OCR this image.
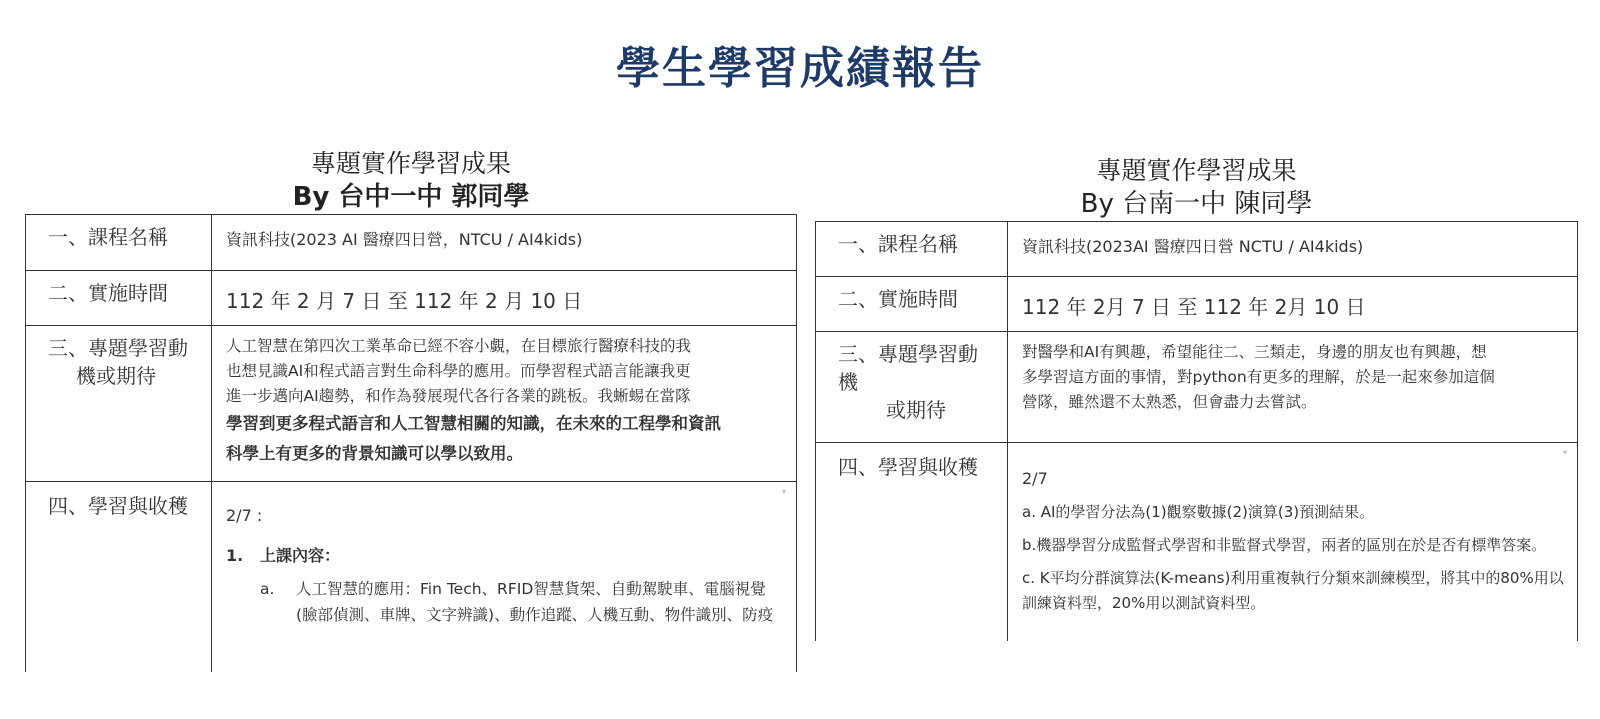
學生學習成績報告
專題實作學習成果
By 台中一中 郭同學
一、課程名稱	資訊科技(2023 AI 醫療四日營，NTCU / AI4kids)
二、實施時間	112 年 2 月 7 日 至 112 年 2 月 10 日
三、專題學習動
機或期待
人工智慧在第四次工業革命已經不容小覷，在目標旅行醫療科技的我
也想見識AI和程式語言對生命科學的應用。而學習程式語言能讓我更
進一步邁向AI趨勢，和作為發展現代各行各業的跳板。我蜥蜴在當隊
學習到更多程式語言和人工智慧相關的知識，在未來的工程學和資訊
科學上有更多的背景知識可以學以致用。
四、學習與收穫
▾
2/7 :
1. 上課內容：
a.	人工智慧的應用：Fin Tech、RFID智慧貨架、自動駕駛車、電腦視覺(臉部偵測、車牌、文字辨識)、動作追蹤、人機互動、物件識別、防疫
專題實作學習成果
By 台南一中 陳同學
一、課程名稱	資訊科技(2023AI 醫療四日營 NCTU / AI4kids)
二、實施時間	112 年 2月 7 日 至 112 年 2月 10 日
三、專題學習動機
或期待
對醫學和AI有興趣，希望能往二、三類走，身邊的朋友也有興趣，想
多學習這方面的事情，對python有更多的理解，於是一起來參加這個
營隊，雖然還不太熟悉，但會盡力去嘗試。
四、學習與收穫
▾
2/7
a. AI的學習分法為(1)觀察數據(2)演算(3)預測結果。
b.機器學習分成監督式學習和非監督式學習，兩者的區別在於是否有標準答案。
c. K平均分群演算法(K-means)利用重複執行分類來訓練模型，將其中的80%用以訓練資料型，20%用以測試資料型。
